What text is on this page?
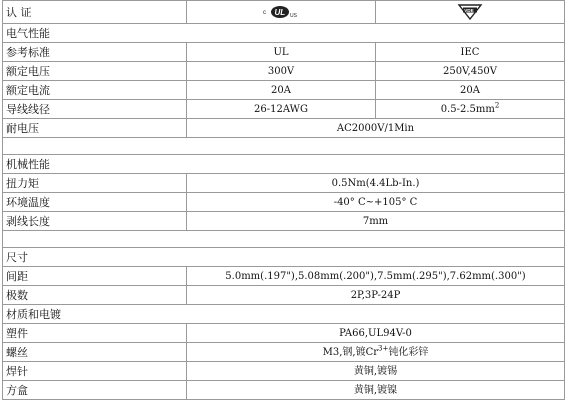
认 证	c UL US	VDE

电气性能		
参考标准	UL	IEC
额定电压	300V	250V,450V
额定电流	20A	20A
导线线径	26-12AWG	$0.5-2.5mm^2$
耐电压	AC2000V/1Min	

机械性能		
扭力矩	0.5Nm(4.4Lb-In.)	
环境温度	-40° C~+105° C	
剥线长度	7mm	

尺寸		
间距	5.0mm(.197"),5.08mm(.200"),7.5mm(.295"),7.62mm(.300")	
极数	2P,3P-24P	
材质和电镀		
塑件	PA66,UL94V-0	
螺丝	M3,钢,镀$Cr^{3+}$钝化彩锌	
焊针	黄铜,镀锡	
方盒	黄铜,镀镍	
